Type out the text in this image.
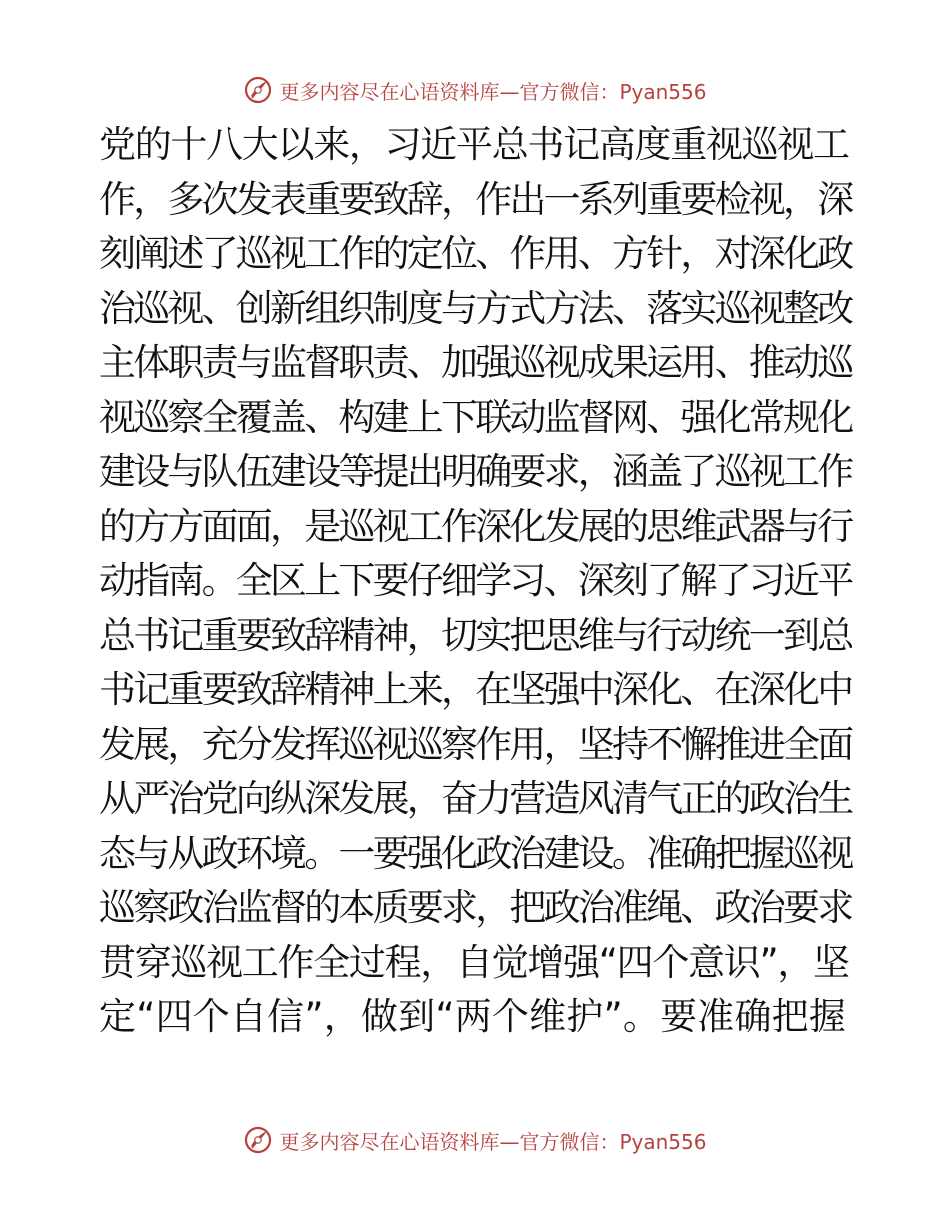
更多内容尽在心语资料库—官方微信：Pyan556
党的十八大以来，习近平总书记高度重视巡视工
作，多次发表重要致辞，作出一系列重要检视，深
刻阐述了巡视工作的定位、作用、方针，对深化政
治巡视、创新组织制度与方式方法、落实巡视整改
主体职责与监督职责、加强巡视成果运用、推动巡
视巡察全覆盖、构建上下联动监督网、强化常规化
建设与队伍建设等提出明确要求，涵盖了巡视工作
的方方面面，是巡视工作深化发展的思维武器与行
动指南。全区上下要仔细学习、深刻了解了习近平
总书记重要致辞精神，切实把思维与行动统一到总
书记重要致辞精神上来，在坚强中深化、在深化中
发展，充分发挥巡视巡察作用，坚持不懈推进全面
从严治党向纵深发展，奋力营造风清气正的政治生
态与从政环境。一要强化政治建设。准确把握巡视
巡察政治监督的本质要求，把政治准绳、政治要求
贯穿巡视工作全过程，自觉增强“四个意识”，坚
定“四个自信”，做到“两个维护”。要准确把握
更多内容尽在心语资料库—官方微信：Pyan556
